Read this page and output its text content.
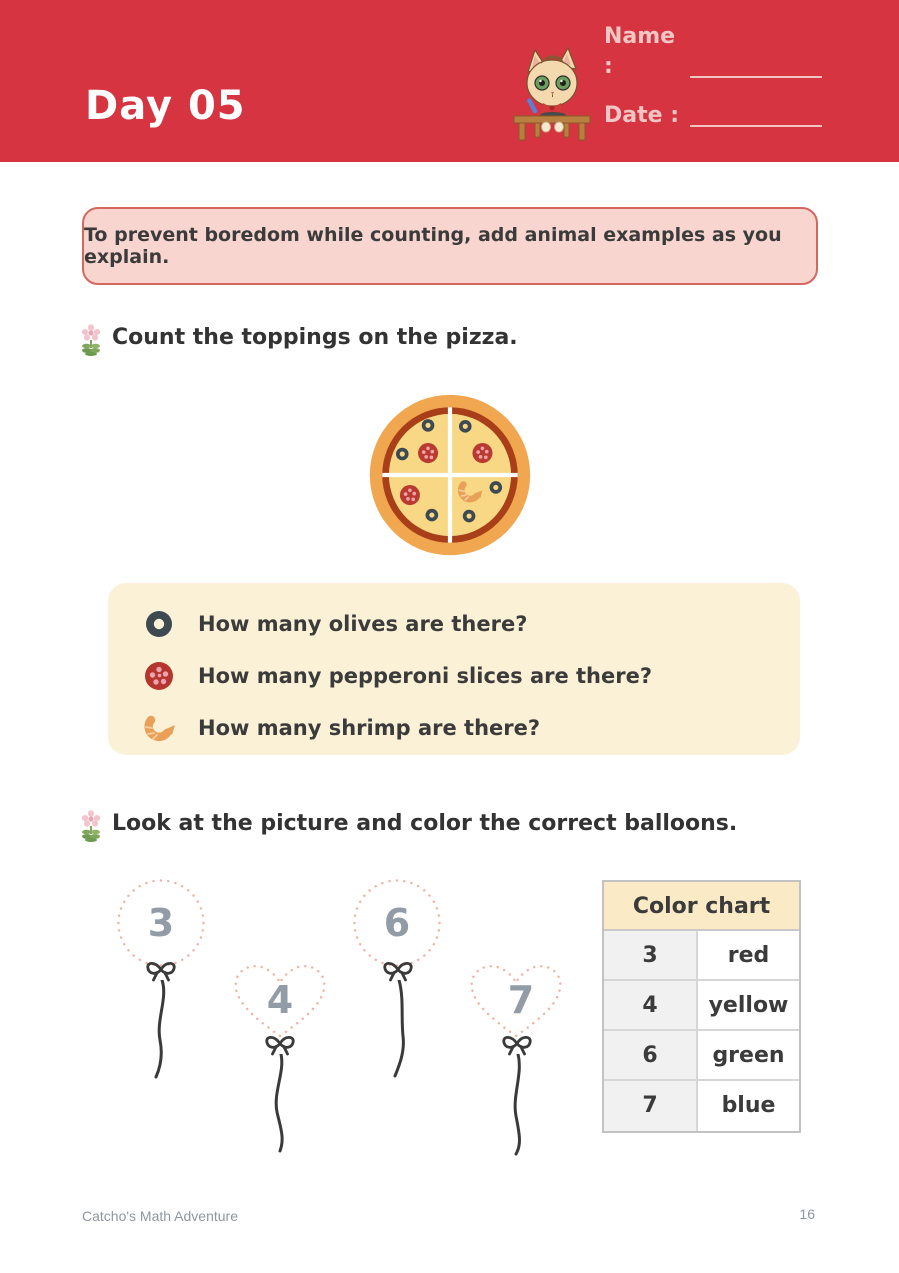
Day 05
Name :
Date :
To prevent boredom while counting, add animal examples as you explain.
Count the toppings on the pizza.
How many olives are there?
How many pepperoni slices are there?
How many shrimp are there?
Look at the picture and color the correct balloons.
3
4
6
7
Color chart
3	red
4	yellow
6	green
7	blue
Catcho's Math Adventure	16
